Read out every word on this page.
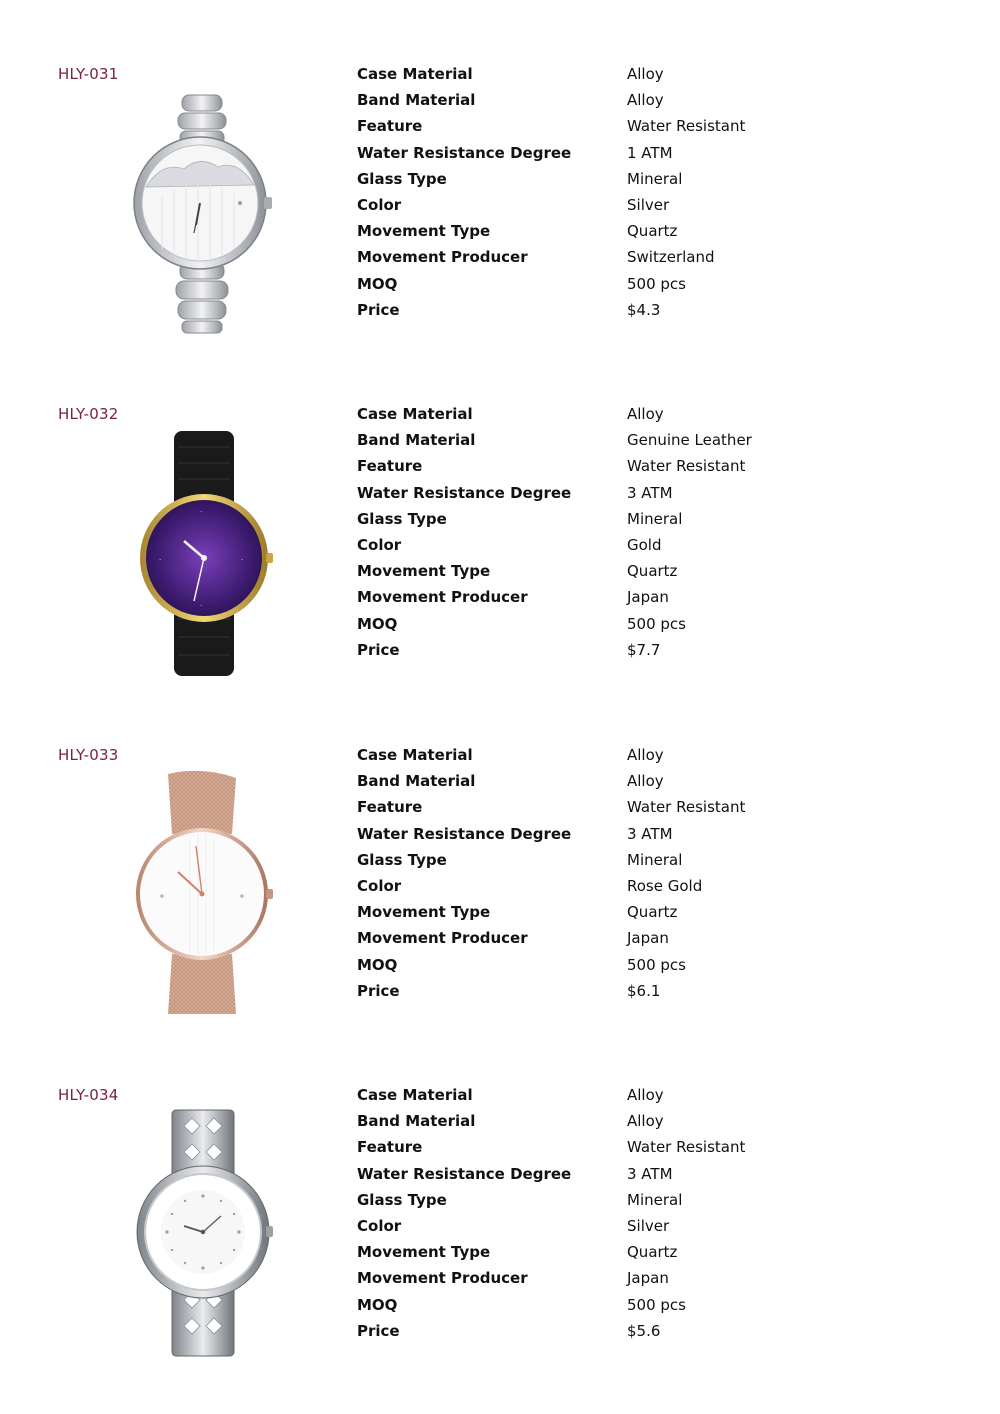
HLY-031	Case Material	Alloy
Band Material	Alloy
Feature	Water Resistant
Water Resistance Degree	1 ATM
Glass Type	Mineral
Color	Silver
Movement Type	Quartz
Movement Producer	Switzerland
MOQ	500 pcs
Price	$4.3
HLY-032
·
·
·
·
Case Material	Alloy
Band Material	Genuine Leather
Feature	Water Resistant
Water Resistance Degree	3 ATM
Glass Type	Mineral
Color	Gold
Movement Type	Quartz
Movement Producer	Japan
MOQ	500 pcs
Price	$7.7
HLY-033	Case Material	Alloy
Band Material	Alloy
Feature	Water Resistant
Water Resistance Degree	3 ATM
Glass Type	Mineral
Color	Rose Gold
Movement Type	Quartz
Movement Producer	Japan
MOQ	500 pcs
Price	$6.1
HLY-034	Case Material	Alloy
Band Material	Alloy
Feature	Water Resistant
Water Resistance Degree	3 ATM
Glass Type	Mineral
Color	Silver
Movement Type	Quartz
Movement Producer	Japan
MOQ	500 pcs
Price	$5.6
